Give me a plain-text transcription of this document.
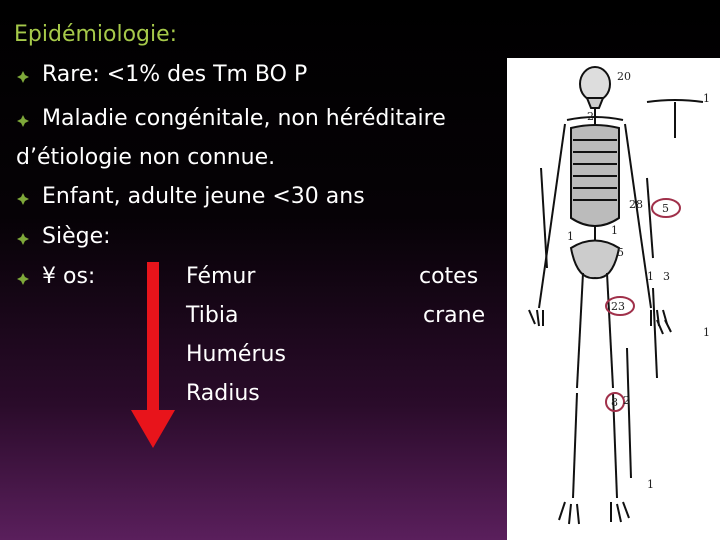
Epidémiologie:
Rare: <1% des Tm BO P
Maladie congénitale, non héréditaire
d’étiologie non connue.
Enfant, adulte jeune <30 ans
Siège:
¥ os:	Fémur
Tibia
Humérus
Radius
cotes
crane
20
1
2
28 5
1	1
5
1 3
23
1
8 2
1
